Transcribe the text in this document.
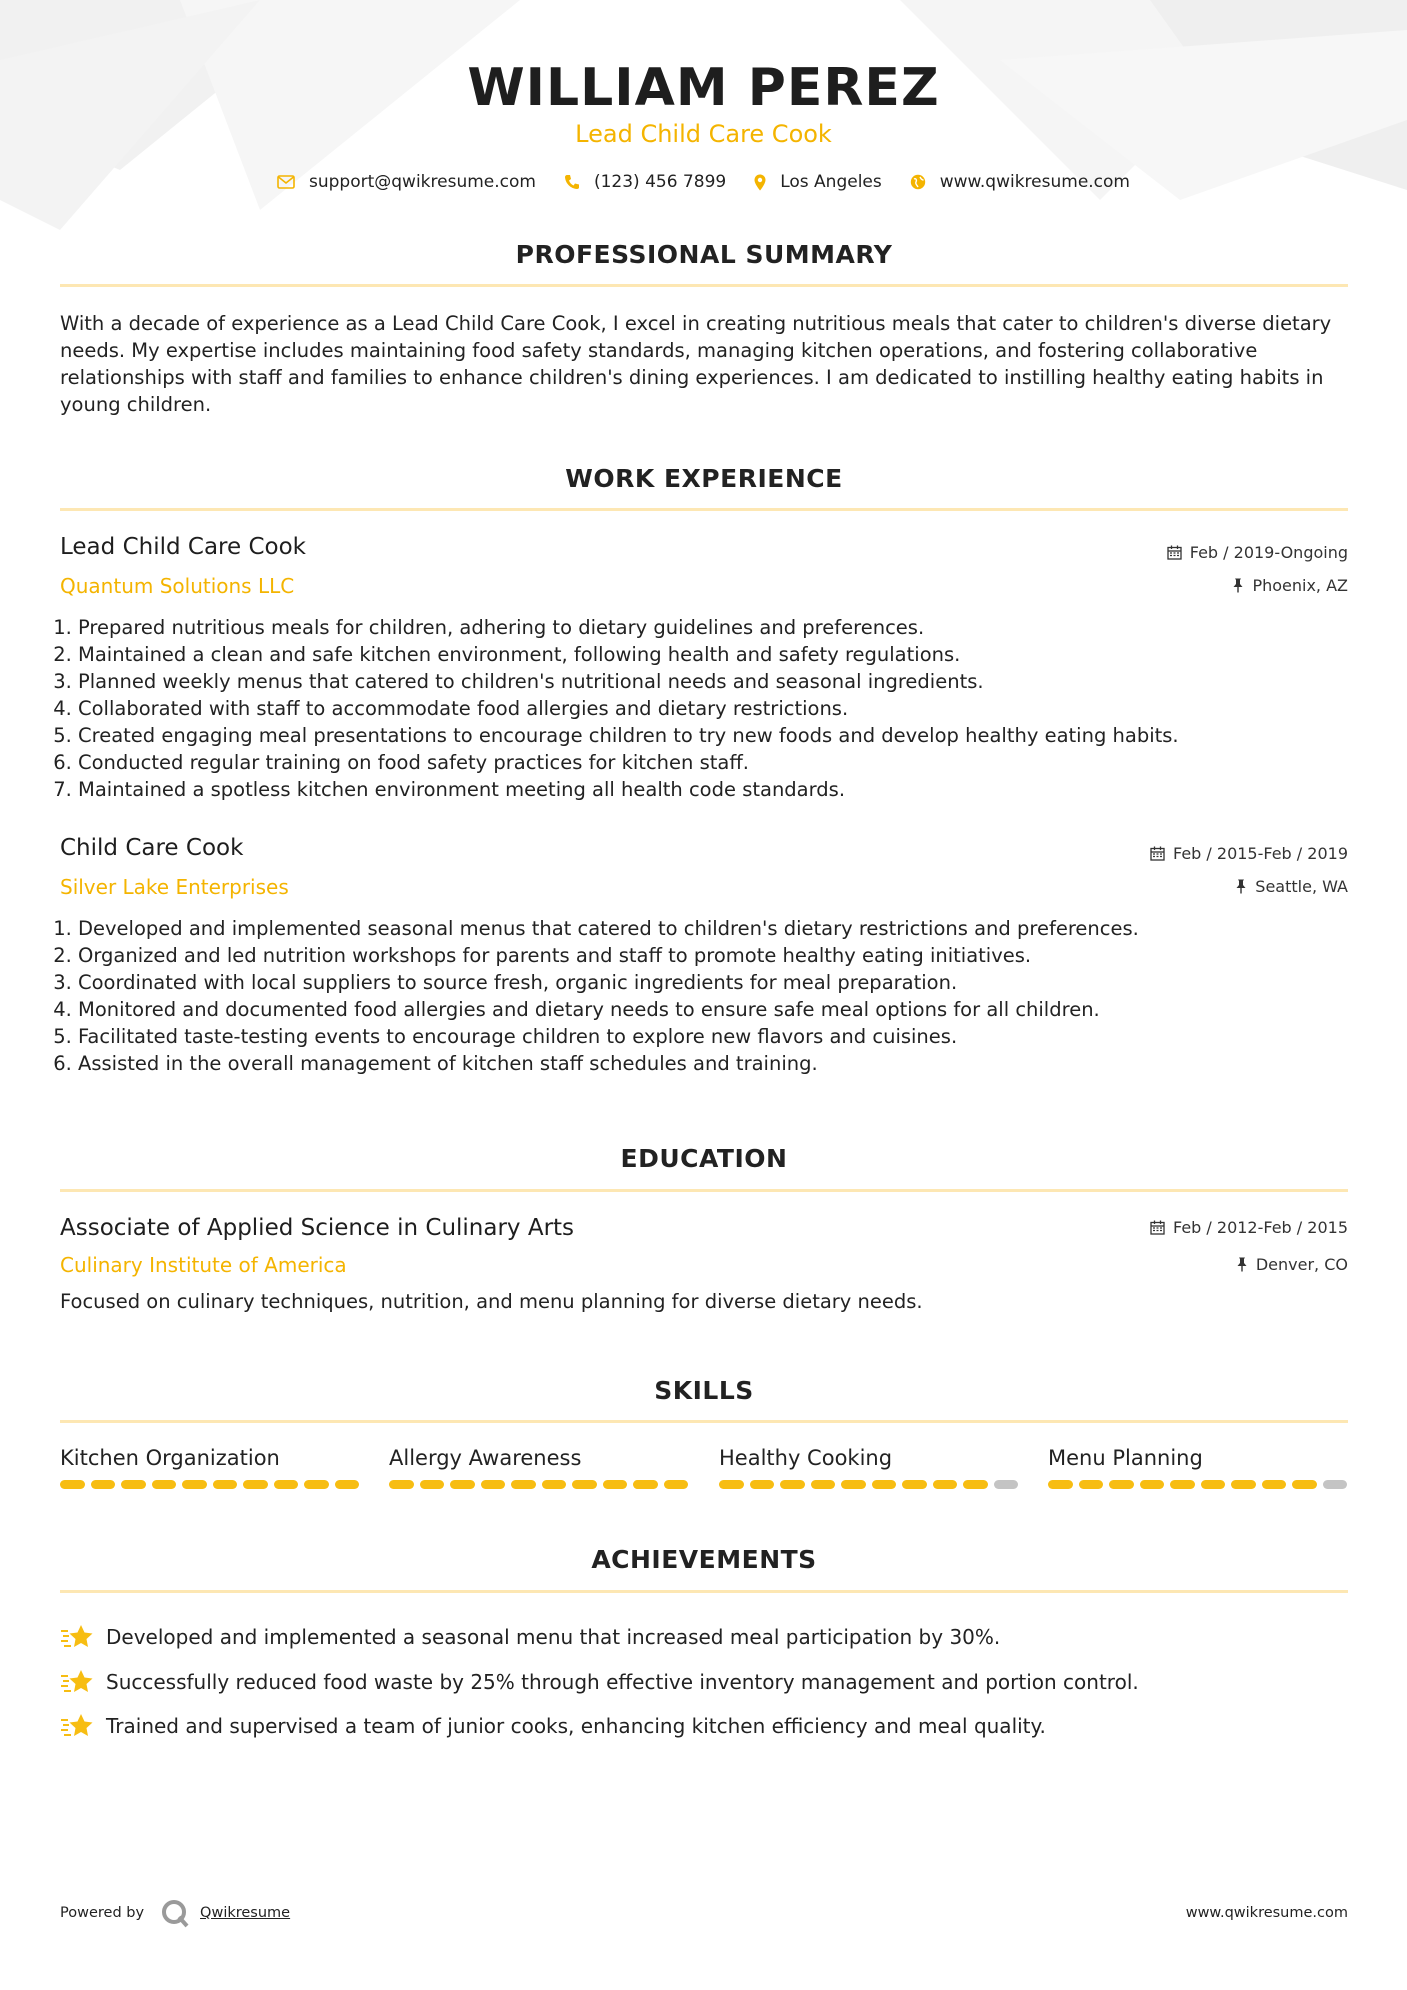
WILLIAM PEREZ
Lead Child Care Cook
support@qwikresume.com	(123) 456 7899	Los Angeles	www.qwikresume.com
PROFESSIONAL SUMMARY
With a decade of experience as a Lead Child Care Cook, I excel in creating nutritious meals that cater to children's diverse dietary needs. My expertise includes maintaining food safety standards, managing kitchen operations, and fostering collaborative relationships with staff and families to enhance children's dining experiences. I am dedicated to instilling healthy eating habits in young children.
WORK EXPERIENCE
Lead Child Care Cook	Feb / 2019-Ongoing
Quantum Solutions LLC	Phoenix, AZ
1. Prepared nutritious meals for children, adhering to dietary guidelines and preferences.
2. Maintained a clean and safe kitchen environment, following health and safety regulations.
3. Planned weekly menus that catered to children's nutritional needs and seasonal ingredients.
4. Collaborated with staff to accommodate food allergies and dietary restrictions.
5. Created engaging meal presentations to encourage children to try new foods and develop healthy eating habits.
6. Conducted regular training on food safety practices for kitchen staff.
7. Maintained a spotless kitchen environment meeting all health code standards.
Child Care Cook	Feb / 2015-Feb / 2019
Silver Lake Enterprises	Seattle, WA
1. Developed and implemented seasonal menus that catered to children's dietary restrictions and preferences.
2. Organized and led nutrition workshops for parents and staff to promote healthy eating initiatives.
3. Coordinated with local suppliers to source fresh, organic ingredients for meal preparation.
4. Monitored and documented food allergies and dietary needs to ensure safe meal options for all children.
5. Facilitated taste-testing events to encourage children to explore new flavors and cuisines.
6. Assisted in the overall management of kitchen staff schedules and training.
EDUCATION
Associate of Applied Science in Culinary Arts	Feb / 2012-Feb / 2015
Culinary Institute of America	Denver, CO
Focused on culinary techniques, nutrition, and menu planning for diverse dietary needs.
SKILLS
Kitchen Organization	Allergy Awareness	Healthy Cooking	Menu Planning
ACHIEVEMENTS
Developed and implemented a seasonal menu that increased meal participation by 30%.
Successfully reduced food waste by 25% through effective inventory management and portion control.
Trained and supervised a team of junior cooks, enhancing kitchen efficiency and meal quality.
Powered by	Qwikresume	www.qwikresume.com
